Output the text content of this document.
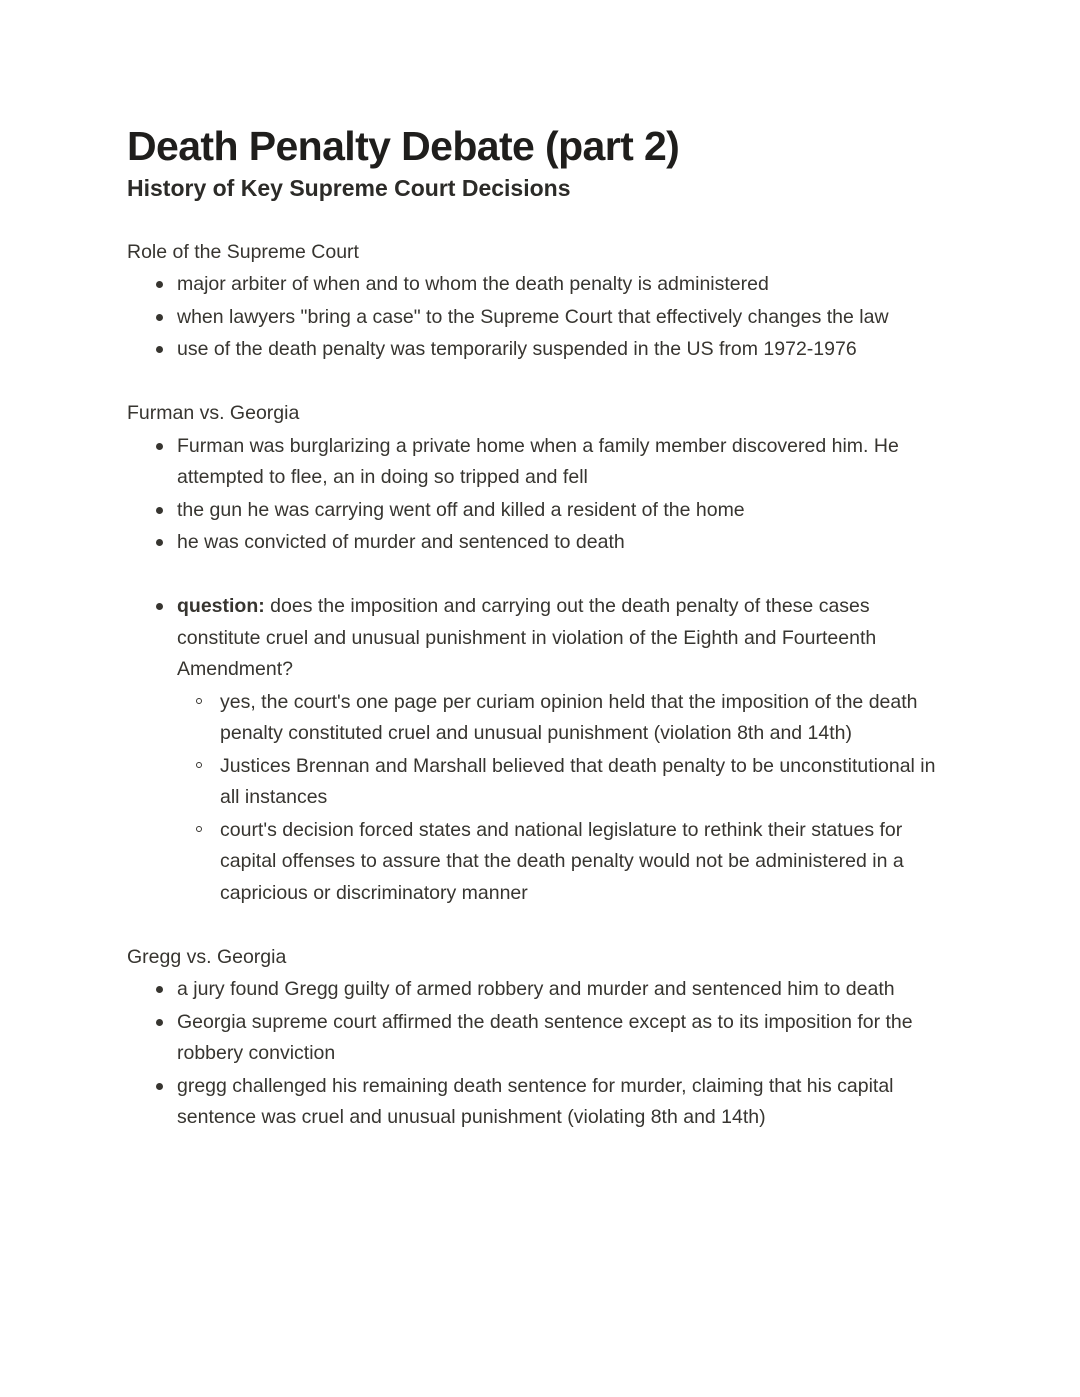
Death Penalty Debate (part 2)
History of Key Supreme Court Decisions
Role of the Supreme Court
major arbiter of when and to whom the death penalty is administered
when lawyers "bring a case" to the Supreme Court that effectively changes the law
use of the death penalty was temporarily suspended in the US from 1972-1976
Furman vs. Georgia
Furman was burglarizing a private home when a family member discovered him. He attempted to flee, an in doing so tripped and fell
the gun he was carrying went off and killed a resident of the home
he was convicted of murder and sentenced to death
question: does the imposition and carrying out the death penalty of these cases constitute cruel and unusual punishment in violation of the Eighth and Fourteenth Amendment?
yes, the court's one page per curiam opinion held that the imposition of the death penalty constituted cruel and unusual punishment (violation 8th and 14th)
Justices Brennan and Marshall believed that death penalty to be unconstitutional in all instances
court's decision forced states and national legislature to rethink their statues for capital offenses to assure that the death penalty would not be administered in a capricious or discriminatory manner
Gregg vs. Georgia
a jury found Gregg guilty of armed robbery and murder and sentenced him to death
Georgia supreme court affirmed the death sentence except as to its imposition for the robbery conviction
gregg challenged his remaining death sentence for murder, claiming that his capital sentence was cruel and unusual punishment (violating 8th and 14th)
